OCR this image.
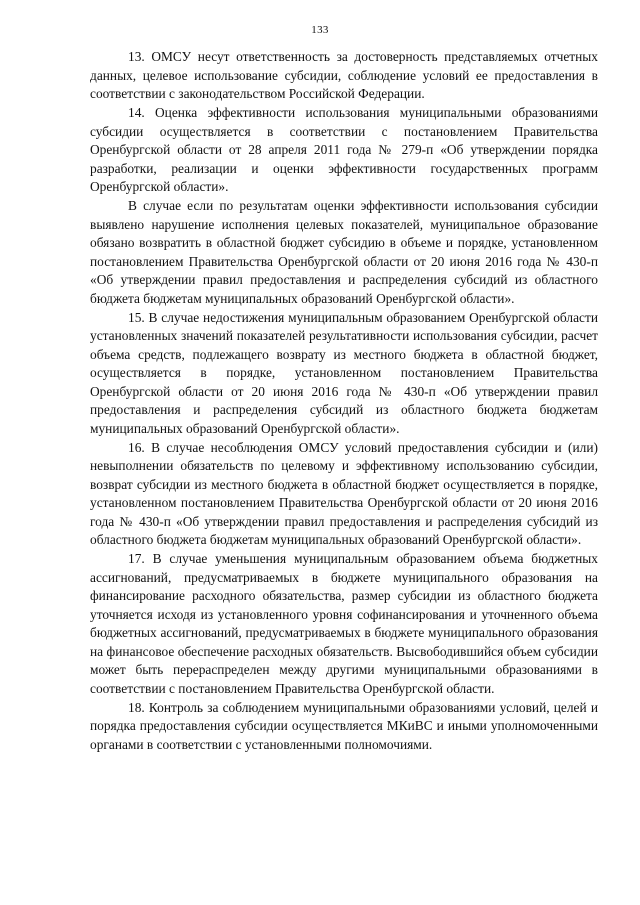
133

13. ОМСУ несут ответственность за достоверность представляемых отчетных данных, целевое использование субсидии, соблюдение условий ее предоставления в соответствии с законодательством Российской Федерации.

14. Оценка эффективности использования муниципальными образованиями субсидии осуществляется в соответствии с постановлением Правительства Оренбургской области от 28 апреля 2011 года № 279-п «Об утверждении порядка разработки, реализации и оценки эффективности государственных программ Оренбургской области».

В случае если по результатам оценки эффективности использования субсидии выявлено нарушение исполнения целевых показателей, муниципальное образование обязано возвратить в областной бюджет субсидию в объеме и порядке, установленном постановлением Правительства Оренбургской области от 20 июня 2016 года № 430-п «Об утверждении правил предоставления и распределения субсидий из областного бюджета бюджетам муниципальных образований Оренбургской области».

15. В случае недостижения муниципальным образованием Оренбургской области установленных значений показателей результативности использования субсидии, расчет объема средств, подлежащего возврату из местного бюджета в областной бюджет, осуществляется в порядке, установленном постановлением Правительства Оренбургской области от 20 июня 2016 года № 430-п «Об утверждении правил предоставления и распределения субсидий из областного бюджета бюджетам муниципальных образований Оренбургской области».

16. В случае несоблюдения ОМСУ условий предоставления субсидии и (или) невыполнении обязательств по целевому и эффективному использованию субсидии, возврат субсидии из местного бюджета в областной бюджет осуществляется в порядке, установленном постановлением Правительства Оренбургской области от 20 июня 2016 года № 430-п «Об утверждении правил предоставления и распределения субсидий из областного бюджета бюджетам муниципальных образований Оренбургской области».

17. В случае уменьшения муниципальным образованием объема бюджетных ассигнований, предусматриваемых в бюджете муниципального образования на финансирование расходного обязательства, размер субсидии из областного бюджета уточняется исходя из установленного уровня софинансирования и уточненного объема бюджетных ассигнований, предусматриваемых в бюджете муниципального образования на финансовое обеспечение расходных обязательств. Высвободившийся объем субсидии может быть перераспределен между другими муниципальными образованиями в соответствии с постановлением Правительства Оренбургской области.

18. Контроль за соблюдением муниципальными образованиями условий, целей и порядка предоставления субсидии осуществляется МКиВС и иными уполномоченными органами в соответствии с установленными полномочиями.
